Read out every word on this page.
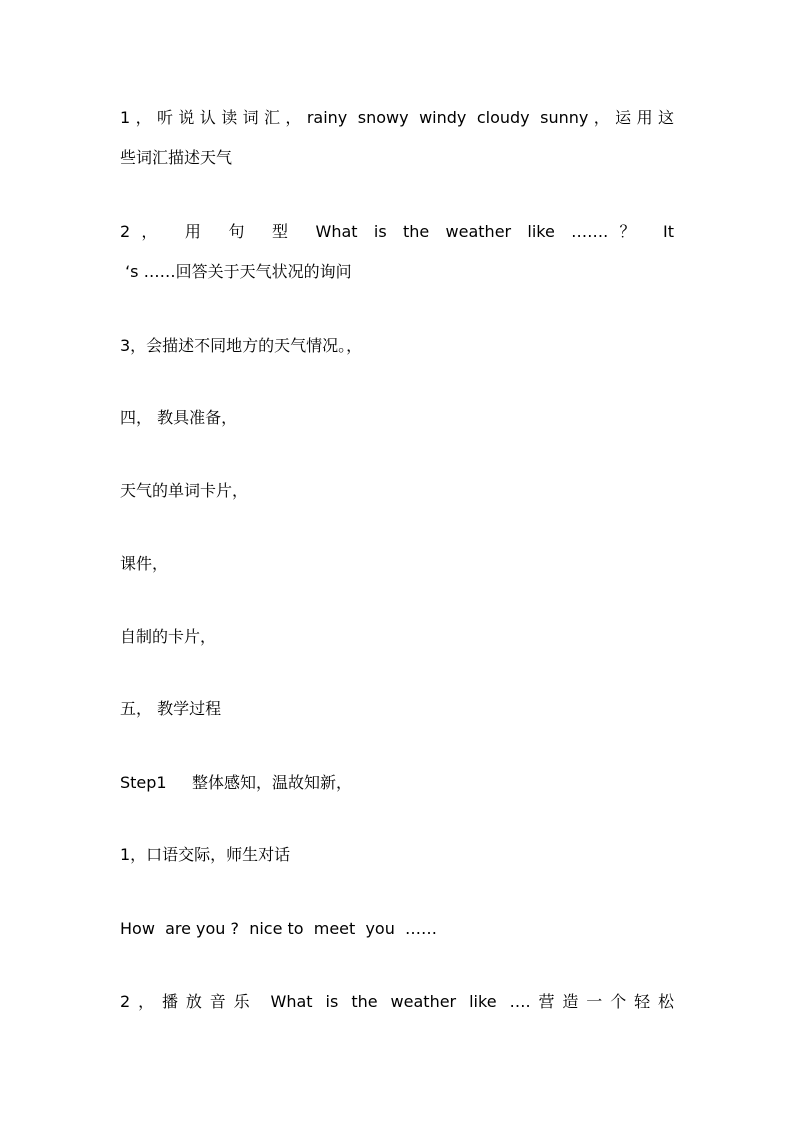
1，听说认读词汇，rainy snowy windy cloudy sunny，运用这
些词汇描述天气
2， 用 句 型 What is the weather like …….？ It
‘s ……回答关于天气状况的询问
3，会描述不同地方的天气情况。，
四， 教具准备，
天气的单词卡片，
课件，
自制的卡片，
五， 教学过程
Step1     整体感知，温故知新，
1，口语交际，师生对话
How  are you ?  nice to  meet  you  ……
2，播放音乐 What is the weather like ….营造一个轻松
